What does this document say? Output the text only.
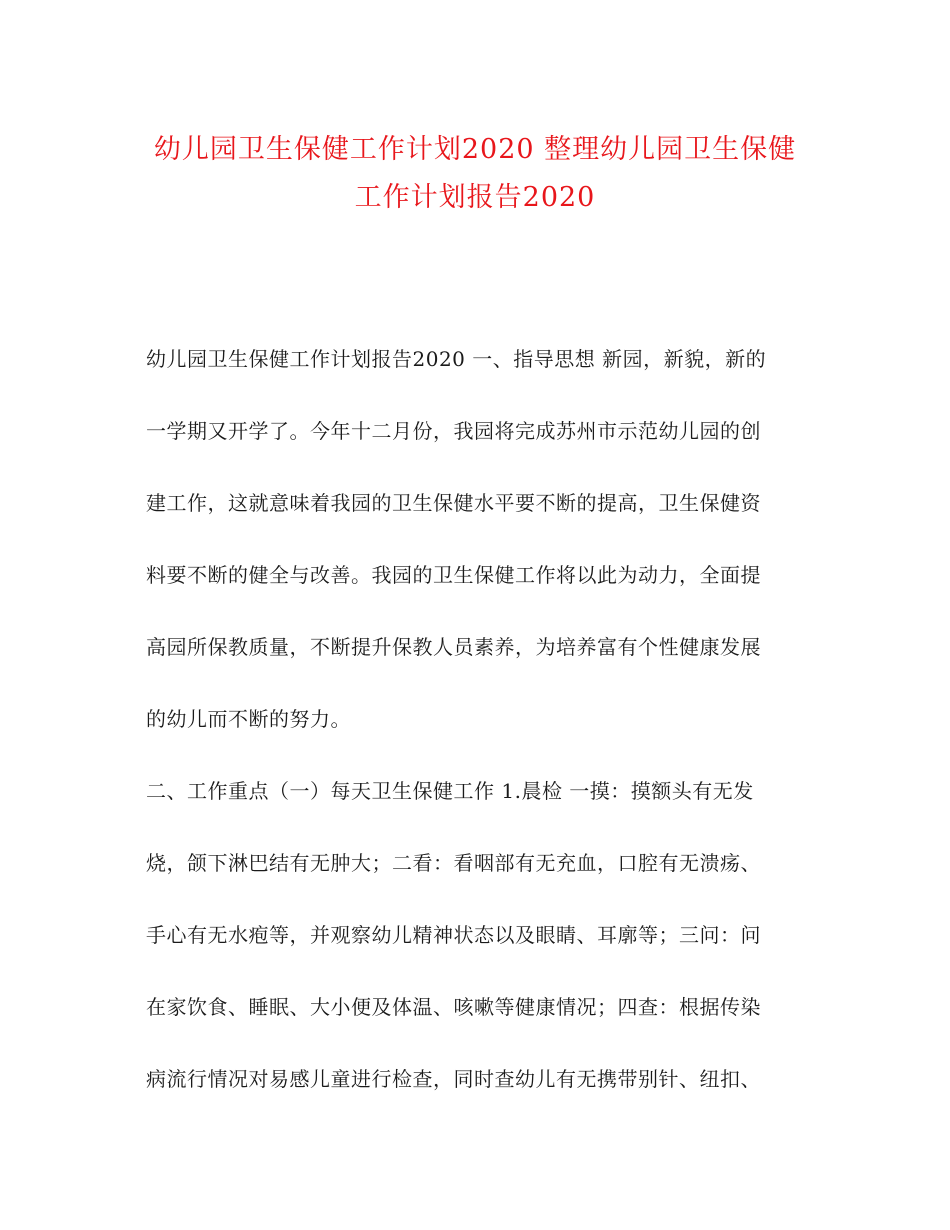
幼儿园卫生保健工作计划2020 整理幼儿园卫生保健
工作计划报告2020
幼儿园卫生保健工作计划报告2020 一、指导思想 新园，新貌，新的
一学期又开学了。今年十二月份，我园将完成苏州市示范幼儿园的创
建工作，这就意味着我园的卫生保健水平要不断的提高，卫生保健资
料要不断的健全与改善。我园的卫生保健工作将以此为动力，全面提
高园所保教质量，不断提升保教人员素养，为培养富有个性健康发展
的幼儿而不断的努力。
二、工作重点（一）每天卫生保健工作 1.晨检 一摸：摸额头有无发
烧，颌下淋巴结有无肿大；二看：看咽部有无充血，口腔有无溃疡、
手心有无水疱等，并观察幼儿精神状态以及眼睛、耳廓等；三问：问
在家饮食、睡眠、大小便及体温、咳嗽等健康情况；四查：根据传染
病流行情况对易感儿童进行检查，同时查幼儿有无携带别针、纽扣、
